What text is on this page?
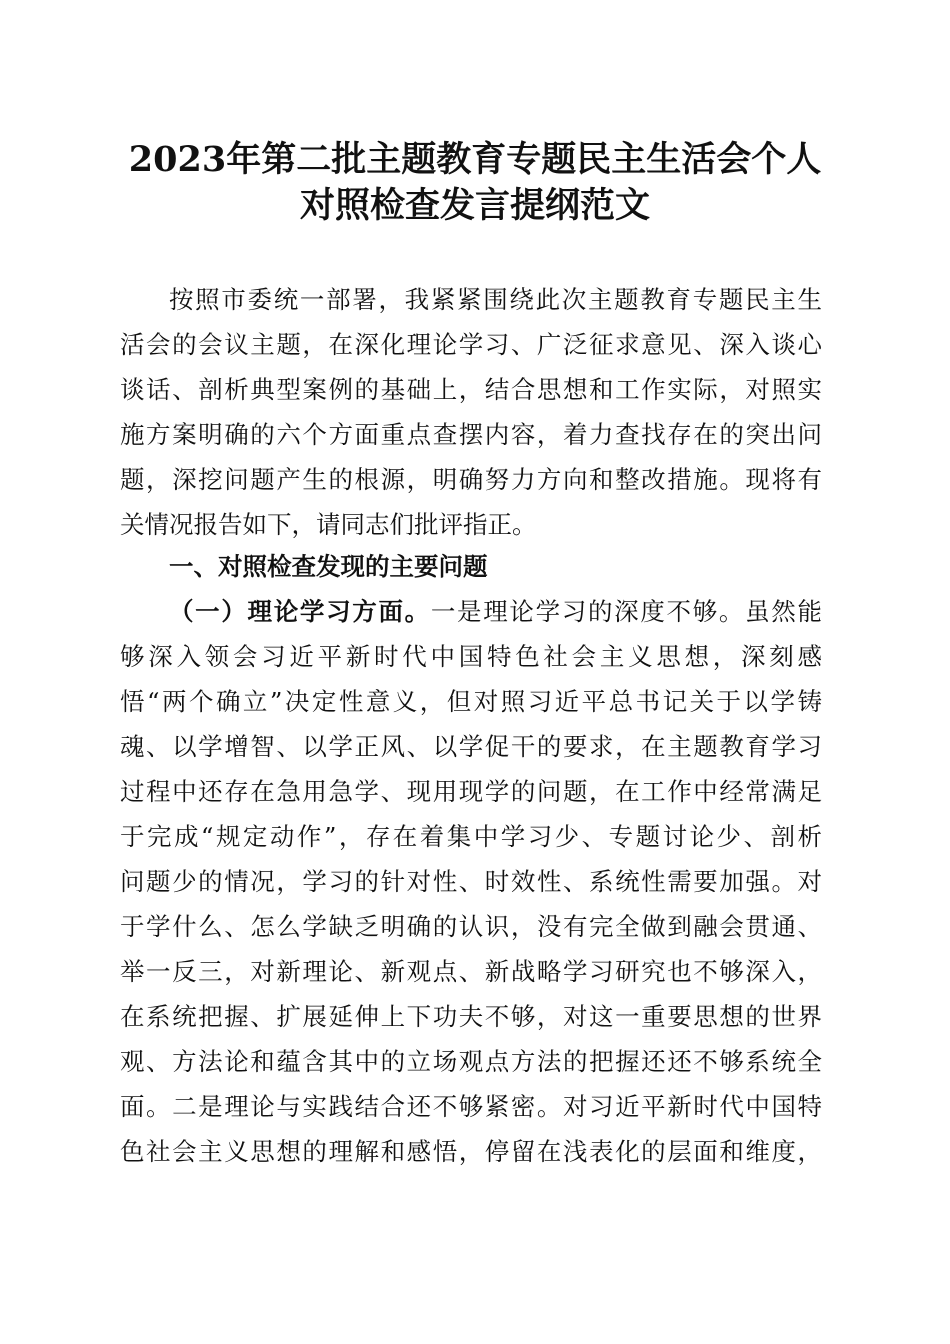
2023年第二批主题教育专题民主生活会个人
对照检查发言提纲范文
按照市委统一部署，我紧紧围绕此次主题教育专题民主生
活会的会议主题，在深化理论学习、广泛征求意见、深入谈心
谈话、剖析典型案例的基础上，结合思想和工作实际，对照实
施方案明确的六个方面重点查摆内容，着力查找存在的突出问
题，深挖问题产生的根源，明确努力方向和整改措施。现将有
关情况报告如下，请同志们批评指正。
一、对照检查发现的主要问题
（一）理论学习方面。一是理论学习的深度不够。虽然能
够深入领会习近平新时代中国特色社会主义思想，深刻感
悟“两个确立”决定性意义，但对照习近平总书记关于以学铸
魂、以学增智、以学正风、以学促干的要求，在主题教育学习
过程中还存在急用急学、现用现学的问题，在工作中经常满足
于完成“规定动作”，存在着集中学习少、专题讨论少、剖析
问题少的情况，学习的针对性、时效性、系统性需要加强。对
于学什么、怎么学缺乏明确的认识，没有完全做到融会贯通、
举一反三，对新理论、新观点、新战略学习研究也不够深入，
在系统把握、扩展延伸上下功夫不够，对这一重要思想的世界
观、方法论和蕴含其中的立场观点方法的把握还还不够系统全
面。二是理论与实践结合还不够紧密。对习近平新时代中国特
色社会主义思想的理解和感悟，停留在浅表化的层面和维度，
